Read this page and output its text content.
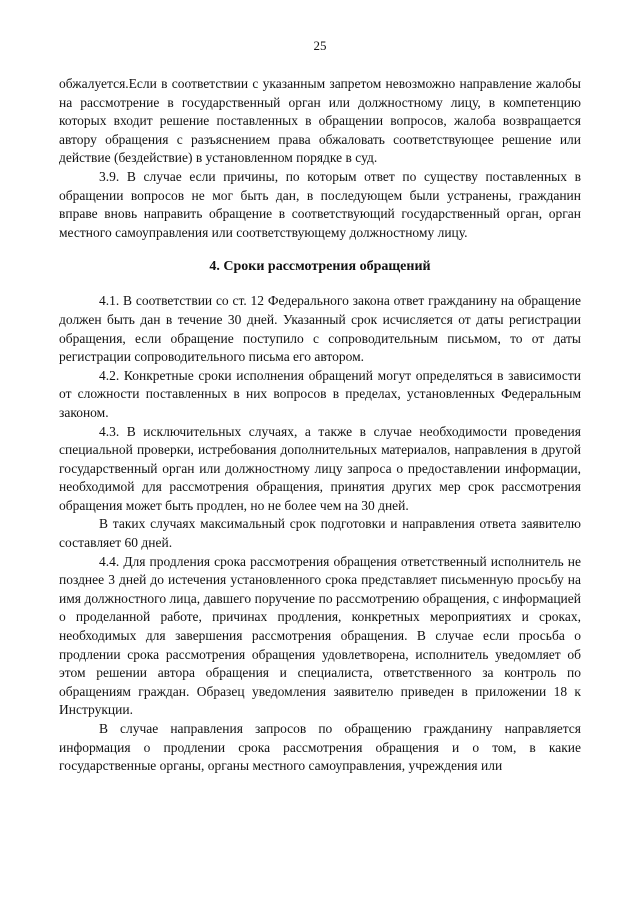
25

обжалуется.Если в соответствии с указанным запретом невозможно направление жалобы на рассмотрение в государственный орган или должностному лицу, в компетенцию которых входит решение поставленных в обращении вопросов, жалоба возвращается автору обращения с разъяснением права обжаловать соответствующее решение или действие (бездействие) в установленном порядке в суд.

3.9. В случае если причины, по которым ответ по существу поставленных в обращении вопросов не мог быть дан, в последующем были устранены, гражданин вправе вновь направить обращение в соответствующий государственный орган, орган местного самоуправления или соответствующему должностному лицу.

4. Сроки рассмотрения обращений

4.1. В соответствии со ст. 12 Федерального закона ответ гражданину на обращение должен быть дан в течение 30 дней. Указанный срок исчисляется от даты регистрации обращения, если обращение поступило с сопроводительным письмом, то от даты регистрации сопроводительного письма его автором.

4.2. Конкретные сроки исполнения обращений могут определяться в зависимости от сложности поставленных в них вопросов в пределах, установленных Федеральным законом.

4.3. В исключительных случаях, а также в случае необходимости проведения специальной проверки, истребования дополнительных материалов, направления в другой государственный орган или должностному лицу запроса о предоставлении информации, необходимой для рассмотрения обращения, принятия других мер срок рассмотрения обращения может быть продлен, но не более чем на 30 дней.

В таких случаях максимальный срок подготовки и направления ответа заявителю составляет 60 дней.

4.4. Для продления срока рассмотрения обращения ответственный исполнитель не позднее 3 дней до истечения установленного срока представляет письменную просьбу на имя должностного лица, давшего поручение по рассмотрению обращения, с информацией о проделанной работе, причинах продления, конкретных мероприятиях и сроках, необходимых для завершения рассмотрения обращения. В случае если просьба о продлении срока рассмотрения обращения удовлетворена, исполнитель уведомляет об этом решении автора обращения и специалиста, ответственного за контроль по обращениям граждан. Образец уведомления заявителю приведен в приложении 18 к Инструкции.

В случае направления запросов по обращению гражданину направляется информация о продлении срока рассмотрения обращения и о том, в какие государственные органы, органы местного самоуправления, учреждения или
